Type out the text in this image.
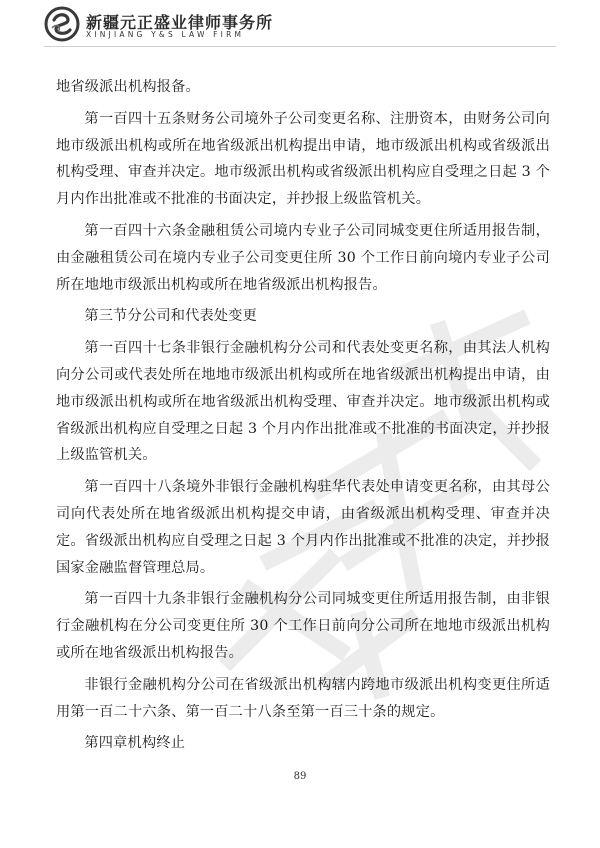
新疆元正盛业律师事务所
XINJIANG Y&S LAW FIRM

地省级派出机构报备。

第一百四十五条财务公司境外子公司变更名称、注册资本，由财务公司向地市级派出机构或所在地省级派出机构提出申请，地市级派出机构或省级派出机构受理、审查并决定。地市级派出机构或省级派出机构应自受理之日起 3 个月内作出批准或不批准的书面决定，并抄报上级监管机关。

第一百四十六条金融租赁公司境内专业子公司同城变更住所适用报告制，由金融租赁公司在境内专业子公司变更住所 30 个工作日前向境内专业子公司所在地地市级派出机构或所在地省级派出机构报告。

第三节分公司和代表处变更

第一百四十七条非银行金融机构分公司和代表处变更名称，由其法人机构向分公司或代表处所在地地市级派出机构或所在地省级派出机构提出申请，由地市级派出机构或所在地省级派出机构受理、审查并决定。地市级派出机构或省级派出机构应自受理之日起 3 个月内作出批准或不批准的书面决定，并抄报上级监管机关。

第一百四十八条境外非银行金融机构驻华代表处申请变更名称，由其母公司向代表处所在地省级派出机构提交申请，由省级派出机构受理、审查并决定。省级派出机构应自受理之日起 3 个月内作出批准或不批准的决定，并抄报国家金融监督管理总局。

第一百四十九条非银行金融机构分公司同城变更住所适用报告制，由非银行金融机构在分公司变更住所 30 个工作日前向分公司所在地地市级派出机构或所在地省级派出机构报告。

非银行金融机构分公司在省级派出机构辖内跨地市级派出机构变更住所适用第一百二十六条、第一百二十八条至第一百三十条的规定。

第四章机构终止

89
